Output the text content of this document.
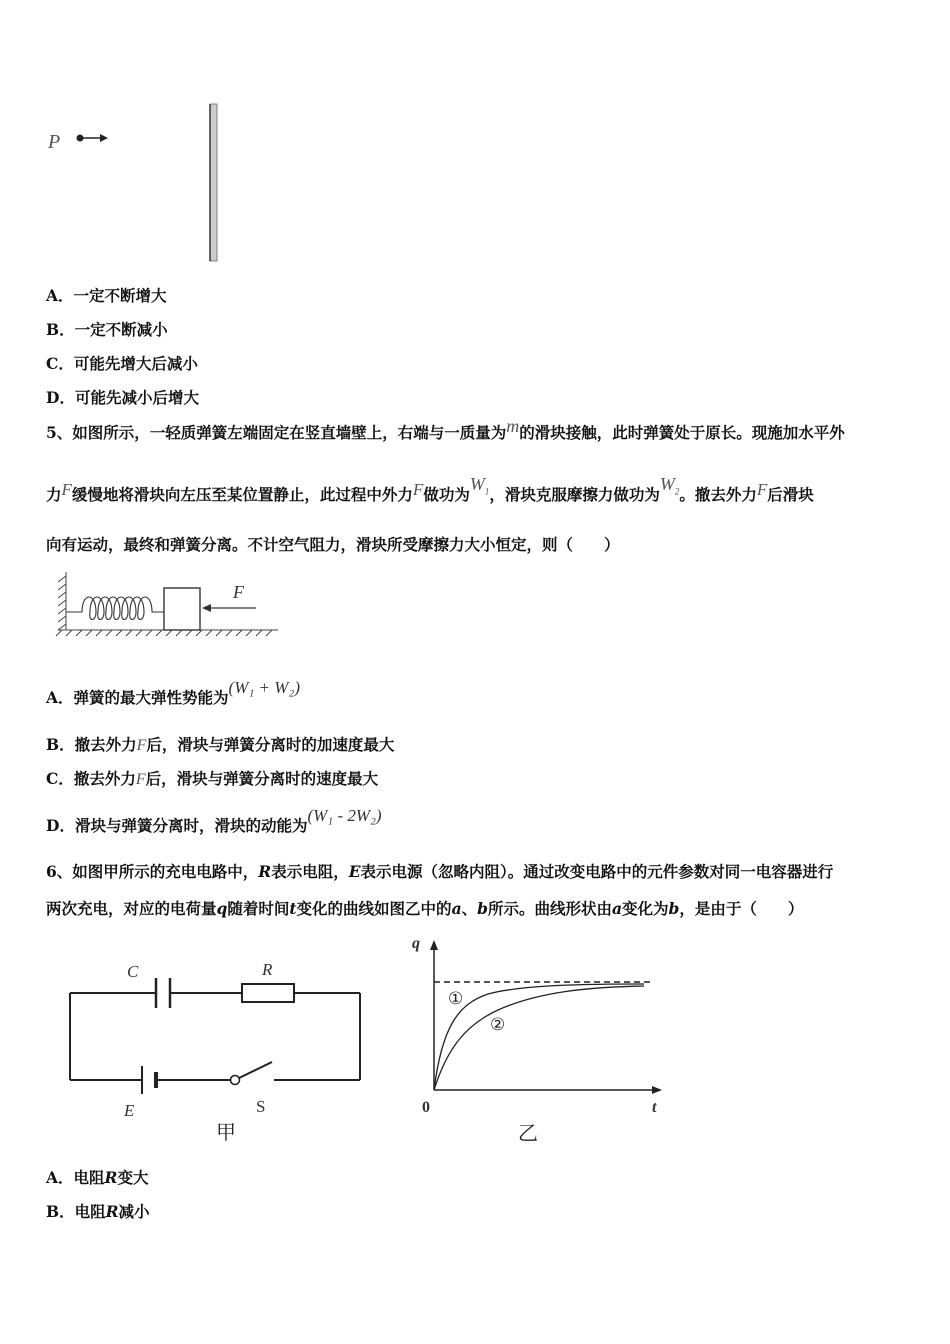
P
A．一定不断增大
B．一定不断减小
C．可能先增大后减小
D．可能先减小后增大
5、如图所示，一轻质弹簧左端固定在竖直墙壁上，右端与一质量为m的滑块接触，此时弹簧处于原长。现施加水平外
力F缓慢地将滑块向左压至某位置静止，此过程中外力F做功为$W_1$，滑块克服摩擦力做功为$W_2$。撤去外力F后滑块
向有运动，最终和弹簧分离。不计空气阻力，滑块所受摩擦力大小恒定，则（　　）
F
A．弹簧的最大弹性势能为(W₁ + W₂)
B．撤去外力F后，滑块与弹簧分离时的加速度最大
C．撤去外力F后，滑块与弹簧分离时的速度最大
D．滑块与弹簧分离时，滑块的动能为(W₁ - 2W₂)
6、如图甲所示的充电电路中，R表示电阻，E表示电源（忽略内阻）。通过改变电路中的元件参数对同一电容器进行
两次充电，对应的电荷量q随着时间t变化的曲线如图乙中的a、b所示。曲线形状由a变化为b，是由于（　　）
C	R
E	S
甲
①
②
q
t
0
乙
A．电阻R变大
B．电阻R减小
